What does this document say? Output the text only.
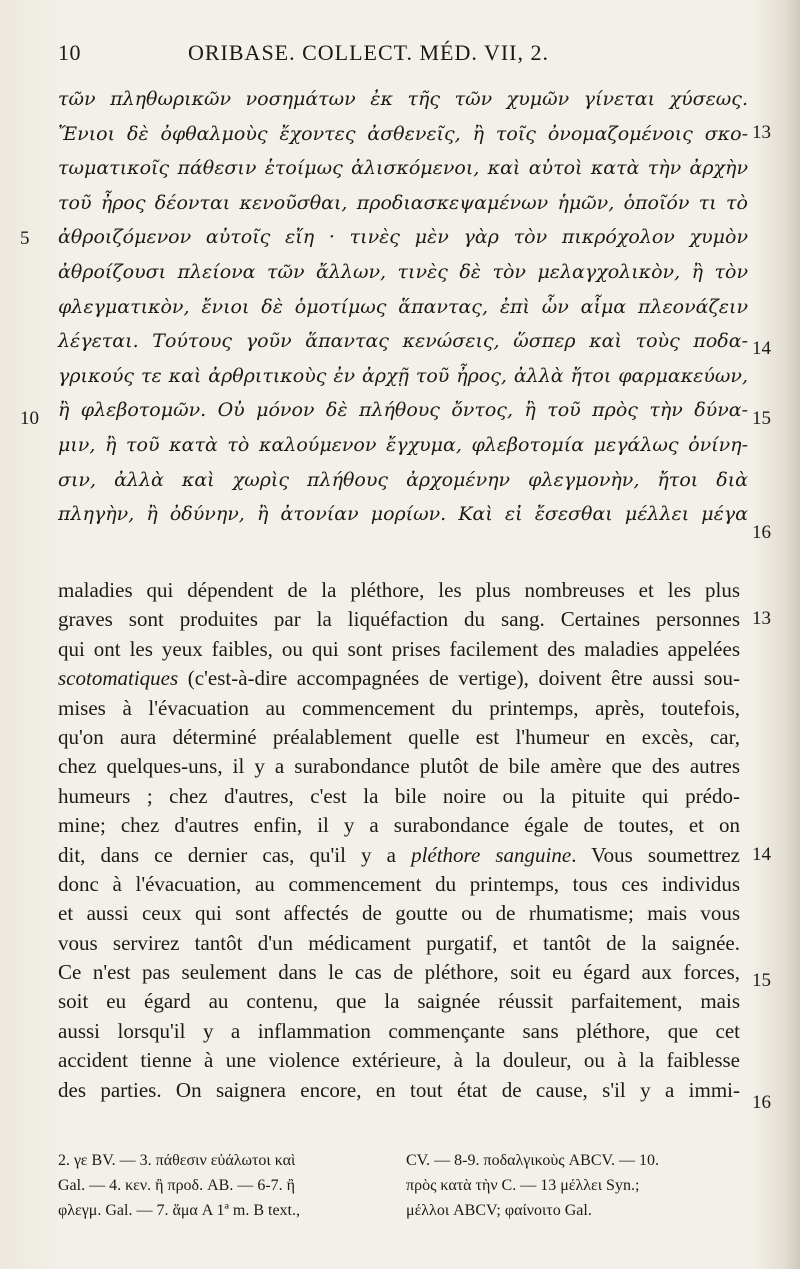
10	ORIBASE. COLLECT. MÉD. VII, 2.
τῶν πληθωρικῶν νοσημάτων ἐκ τῆς τῶν χυμῶν γίνεται χύσεως.
Ἔνιοι δὲ ὀφθαλμοὺς ἔχοντες ἀσθενεῖς, ἢ τοῖς ὀνομαζομένοις σκο-
τωματικοῖς πάθεσιν ἑτοίμως ἁλισκόμενοι, καὶ αὐτοὶ κατὰ τὴν ἀρχὴν
τοῦ ἦρος δέονται κενοῦσθαι, προδιασκεψαμένων ἡμῶν, ὁποῖόν τι τὸ
ἀθροιζόμενον αὐτοῖς εἴη · τινὲς μὲν γὰρ τὸν πικρόχολον χυμὸν
ἀθροίζουσι πλείονα τῶν ἄλλων, τινὲς δὲ τὸν μελαγχολικὸν, ἢ τὸν
φλεγματικὸν, ἔνιοι δὲ ὁμοτίμως ἅπαντας, ἐπὶ ὧν αἷμα πλεονάζειν
λέγεται. Τούτους γοῦν ἅπαντας κενώσεις, ὥσπερ καὶ τοὺς ποδα-
γρικούς τε καὶ ἀρθριτικοὺς ἐν ἀρχῇ τοῦ ἦρος, ἀλλὰ ἤτοι φαρμακεύων,
ἢ φλεβοτομῶν. Οὐ μόνον δὲ πλήθους ὄντος, ἢ τοῦ πρὸς τὴν δύνα-
μιν, ἢ τοῦ κατὰ τὸ καλούμενον ἔγχυμα, φλεβοτομία μεγάλως ὀνίνη-
σιν, ἀλλὰ καὶ χωρὶς πλήθους ἀρχομένην φλεγμονὴν, ἤτοι διὰ
πληγὴν, ἢ ὀδύνην, ἢ ἀτονίαν μορίων. Καὶ εἰ ἔσεσθαι μέλλει μέγα
13
5
14
10	15
16
maladies qui dépendent de la pléthore, les plus nombreuses et les plus
graves sont produites par la liquéfaction du sang. Certaines personnes
qui ont les yeux faibles, ou qui sont prises facilement des maladies appelées
scotomatiques (c'est-à-dire accompagnées de vertige), doivent être aussi sou-
mises à l'évacuation au commencement du printemps, après, toutefois,
qu'on aura déterminé préalablement quelle est l'humeur en excès, car,
chez quelques-uns, il y a surabondance plutôt de bile amère que des autres
humeurs ; chez d'autres, c'est la bile noire ou la pituite qui prédo-
mine; chez d'autres enfin, il y a surabondance égale de toutes, et on
dit, dans ce dernier cas, qu'il y a pléthore sanguine. Vous soumettrez
donc à l'évacuation, au commencement du printemps, tous ces individus
et aussi ceux qui sont affectés de goutte ou de rhumatisme; mais vous
vous servirez tantôt d'un médicament purgatif, et tantôt de la saignée.
Ce n'est pas seulement dans le cas de pléthore, soit eu égard aux forces,
soit eu égard au contenu, que la saignée réussit parfaitement, mais
aussi lorsqu'il y a inflammation commençante sans pléthore, que cet
accident tienne à une violence extérieure, à la douleur, ou à la faiblesse
des parties. On saignera encore, en tout état de cause, s'il y a immi-
13
14
15
16
2. γε BV. — 3. πάθεσιν εὐάλωτοι καὶ
Gal. — 4. κεν. ἢ προδ. AB. — 6-7. ἢ
φλεγμ. Gal. — 7. ἅμα A 1ª m. B text.,
CV. — 8-9. ποδαλγικοὺς ABCV. — 10.
πρὸς κατὰ τὴν C. — 13 μέλλει Syn.;
μέλλοι ABCV; φαίνοιτο Gal.
